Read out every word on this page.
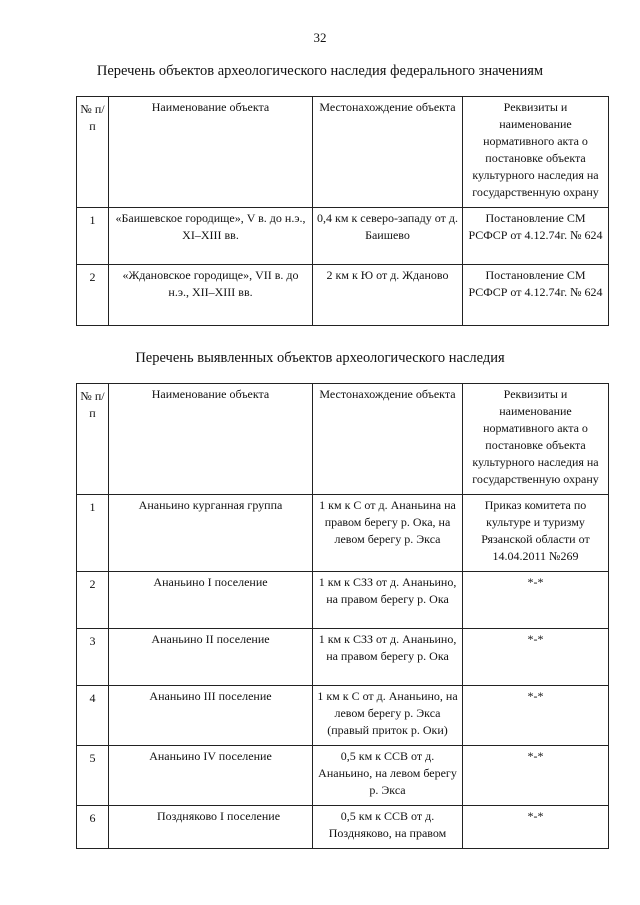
32
Перечень объектов археологического наследия федерального значениям
№ п/п	Наименование объекта	Местонахождение объекта	Реквизиты и наименование нормативного акта о постановке объекта культурного наследия на государственную охрану
1	«Баишевское городище», V в. до н.э., XI–XIII вв.	0,4 км к северо-западу от д. Баишево	Постановление СМ РСФСР от 4.12.74г. № 624
2	«Ждановское городище», VII в. до н.э., XII–XIII вв.	2 км к Ю от д. Жданово	Постановление СМ РСФСР от 4.12.74г. № 624
Перечень выявленных объектов археологического наследия
№ п/п	Наименование объекта	Местонахождение объекта	Реквизиты и наименование нормативного акта о постановке объекта культурного наследия на государственную охрану
1	Ананьино курганная группа	1 км к С от д. Ананьина на правом берегу р. Ока, на левом берегу р. Экса	Приказ комитета по культуре и туризму Рязанской области от 14.04.2011 №269
2	Ананьино I поселение	1 км к СЗЗ от д. Ананьино, на правом берегу р. Ока	*-*
3	Ананьино II поселение	1 км к СЗЗ от д. Ананьино, на правом берегу р. Ока	*-*
4	Ананьино III поселение	1 км к С от д. Ананьино, на левом берегу р. Экса (правый приток р. Оки)	*-*
5	Ананьино IV поселение	0,5 км к ССВ от д. Ананьино, на левом берегу р. Экса	*-*
6	Поздняково I поселение	0,5 км к ССВ от д. Поздняково, на правом	*-*
